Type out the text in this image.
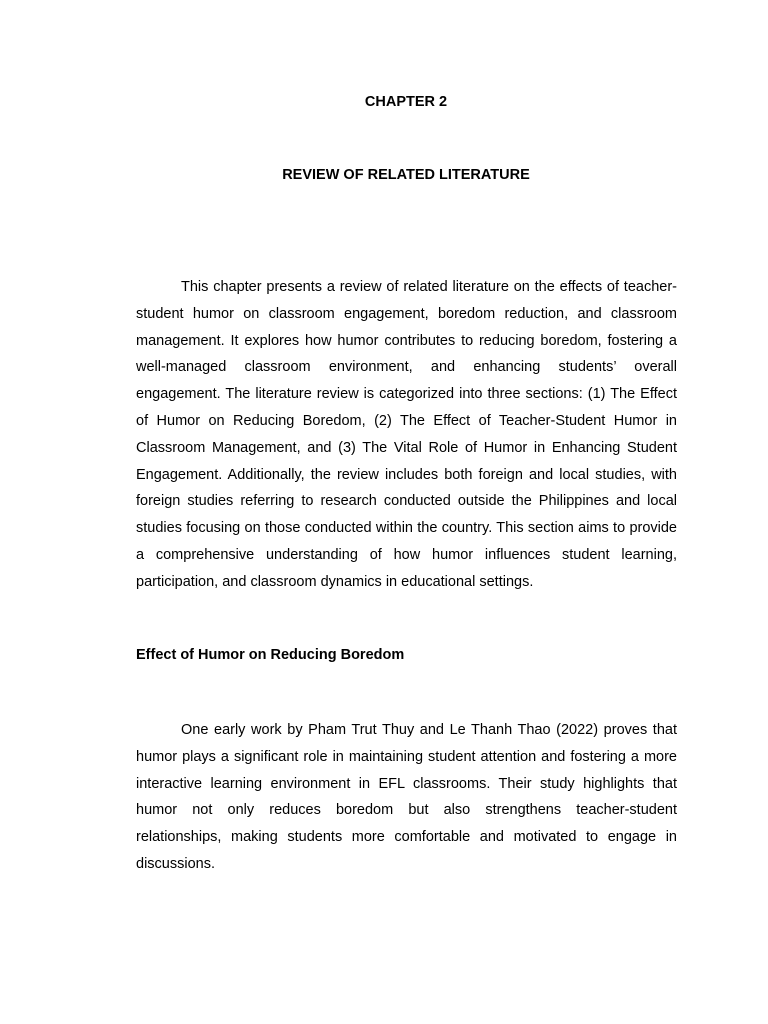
CHAPTER 2
REVIEW OF RELATED LITERATURE

This chapter presents a review of related literature on the effects of teacher-student humor on classroom engagement, boredom reduction, and classroom management. It explores how humor contributes to reducing boredom, fostering a well-managed classroom environment, and enhancing students’ overall engagement. The literature review is categorized into three sections: (1) The Effect of Humor on Reducing Boredom, (2) The Effect of Teacher-Student Humor in Classroom Management, and (3) The Vital Role of Humor in Enhancing Student Engagement. Additionally, the review includes both foreign and local studies, with foreign studies referring to research conducted outside the Philippines and local studies focusing on those conducted within the country. This section aims to provide a comprehensive understanding of how humor influences student learning, participation, and classroom dynamics in educational settings.

Effect of Humor on Reducing Boredom

One early work by Pham Trut Thuy and Le Thanh Thao (2022) proves that humor plays a significant role in maintaining student attention and fostering a more interactive learning environment in EFL classrooms. Their study highlights that humor not only reduces boredom but also strengthens teacher-student relationships, making students more comfortable and motivated to engage in discussions.
